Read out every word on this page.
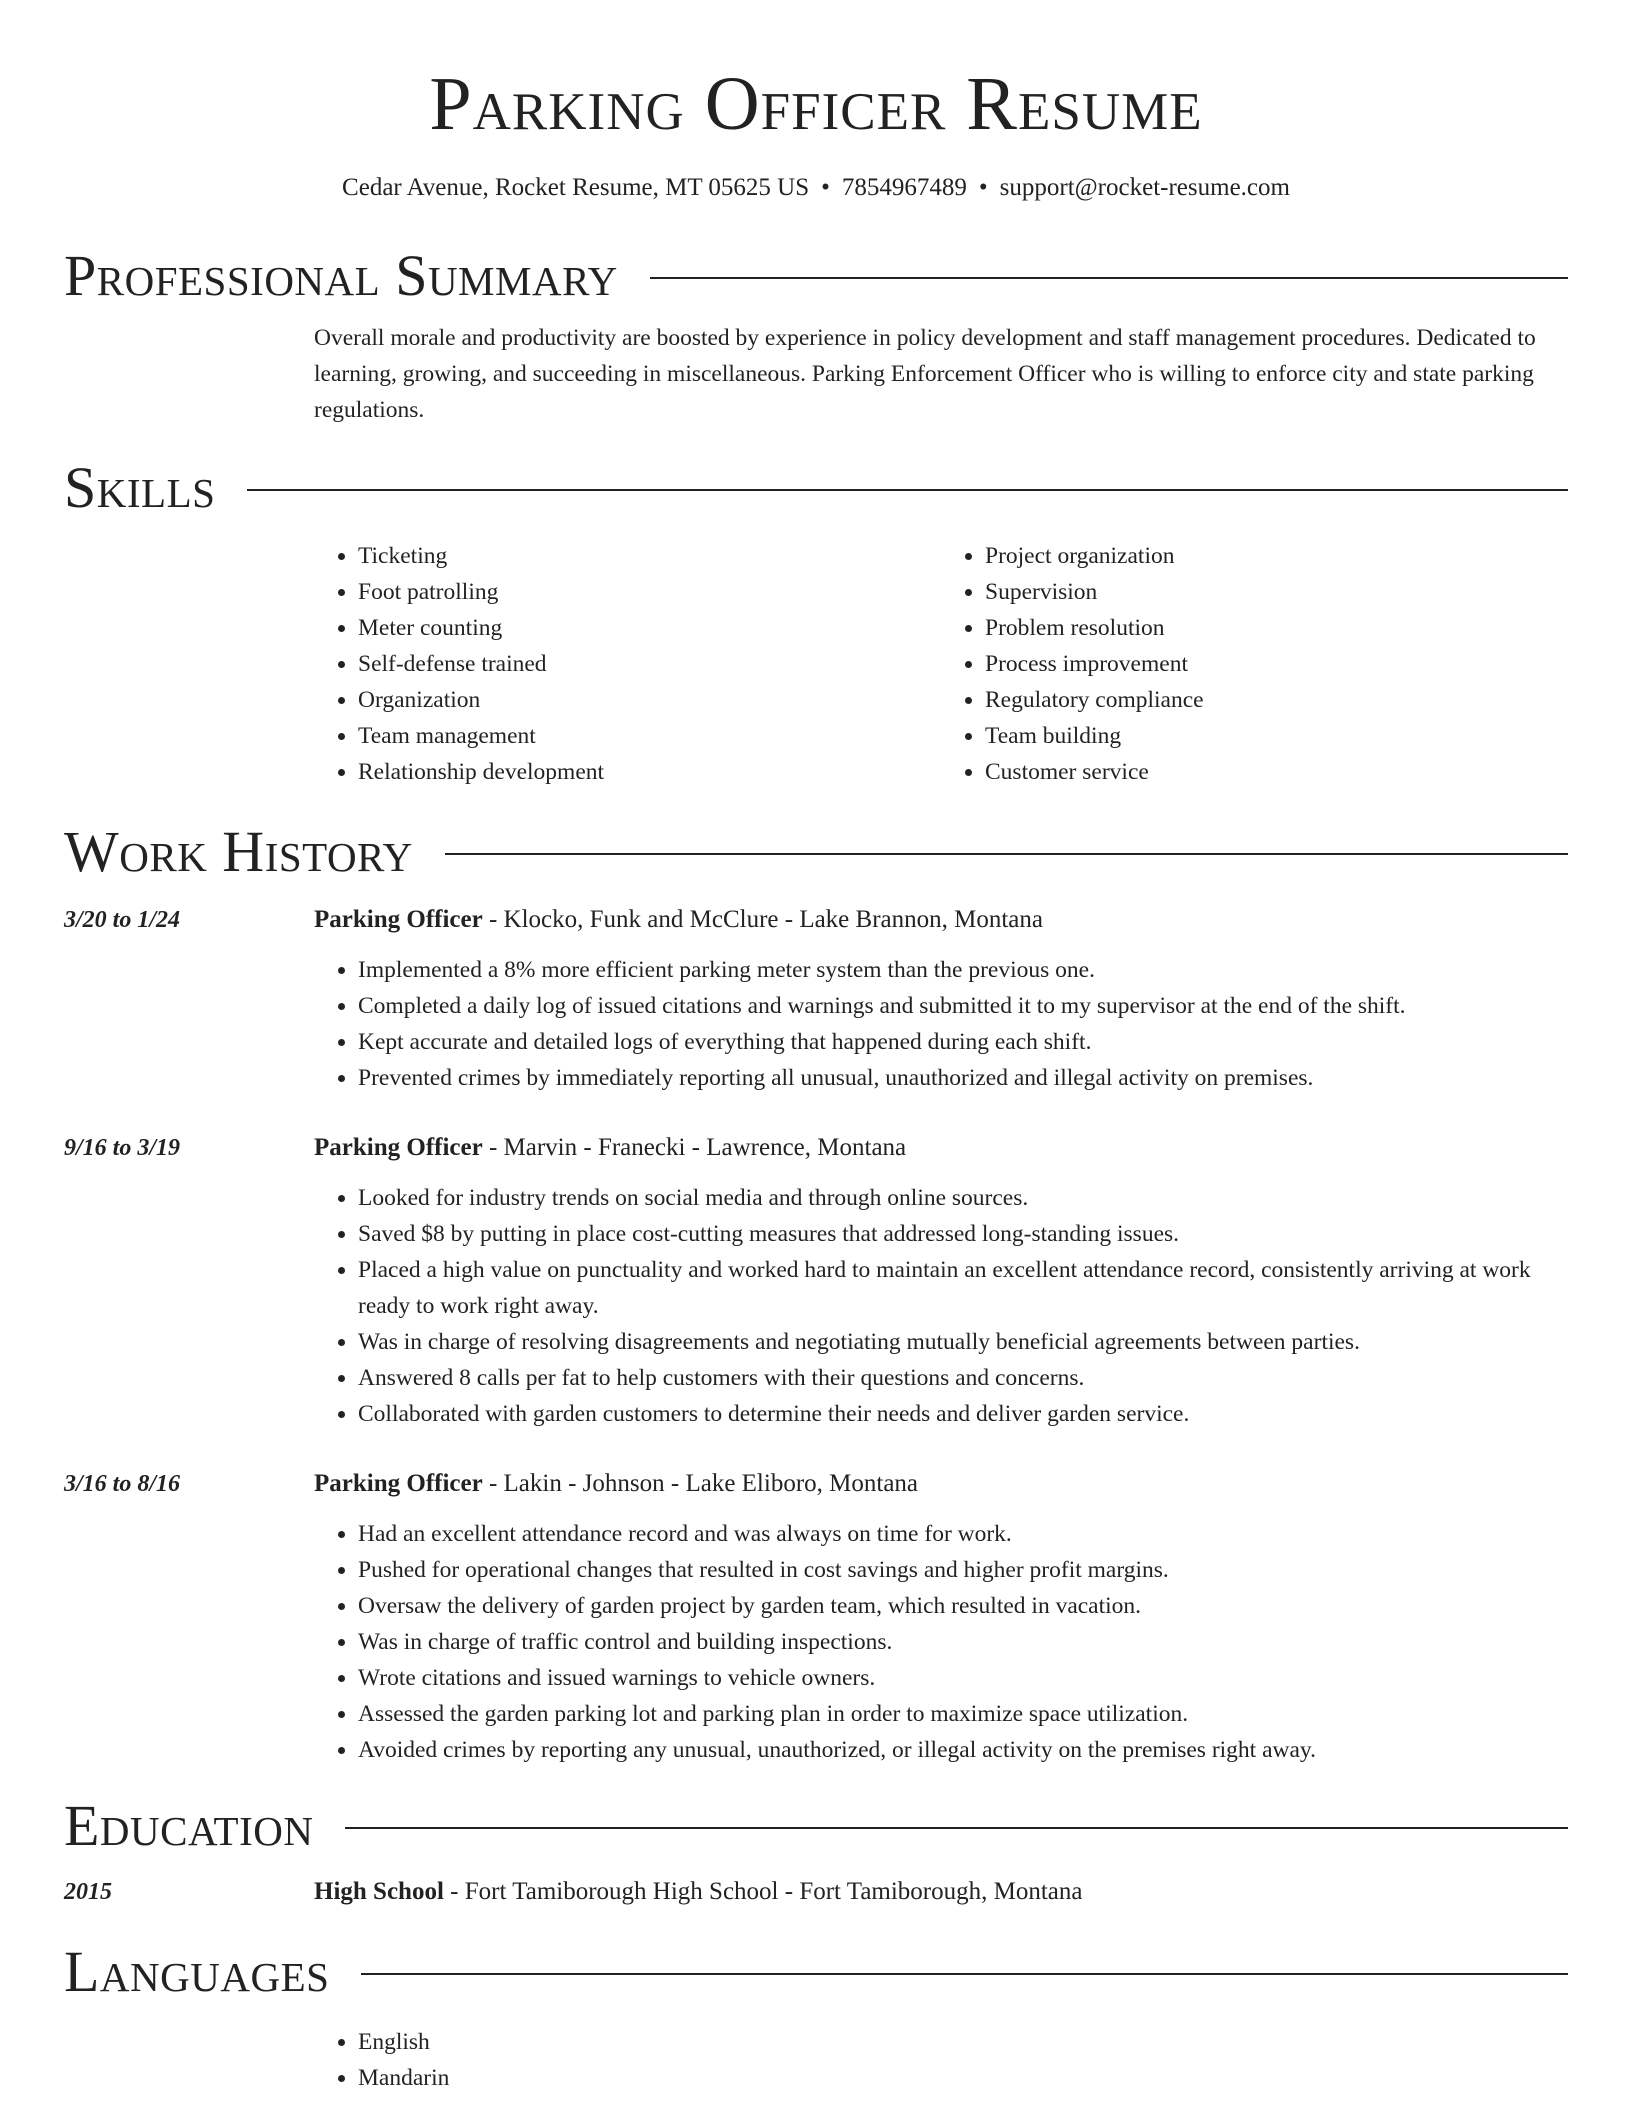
Parking Officer Resume
Cedar Avenue, Rocket Resume, MT 05625 US • 7854967489 • support@rocket-resume.com
Professional Summary
Overall morale and productivity are boosted by experience in policy development and staff management procedures. Dedicated to learning, growing, and succeeding in miscellaneous. Parking Enforcement Officer who is willing to enforce city and state parking regulations.
Skills
• Ticketing
• Foot patrolling
• Meter counting
• Self-defense trained
• Organization
• Team management
• Relationship development
• Project organization
• Supervision
• Problem resolution
• Process improvement
• Regulatory compliance
• Team building
• Customer service
Work History
3/20 to 1/24	Parking Officer - Klocko, Funk and McClure - Lake Brannon, Montana
• Implemented a 8% more efficient parking meter system than the previous one.
• Completed a daily log of issued citations and warnings and submitted it to my supervisor at the end of the shift.
• Kept accurate and detailed logs of everything that happened during each shift.
• Prevented crimes by immediately reporting all unusual, unauthorized and illegal activity on premises.
9/16 to 3/19	Parking Officer - Marvin - Franecki - Lawrence, Montana
• Looked for industry trends on social media and through online sources.
• Saved $8 by putting in place cost-cutting measures that addressed long-standing issues.
• Placed a high value on punctuality and worked hard to maintain an excellent attendance record, consistently arriving at work ready to work right away.
• Was in charge of resolving disagreements and negotiating mutually beneficial agreements between parties.
• Answered 8 calls per fat to help customers with their questions and concerns.
• Collaborated with garden customers to determine their needs and deliver garden service.
3/16 to 8/16	Parking Officer - Lakin - Johnson - Lake Eliboro, Montana
• Had an excellent attendance record and was always on time for work.
• Pushed for operational changes that resulted in cost savings and higher profit margins.
• Oversaw the delivery of garden project by garden team, which resulted in vacation.
• Was in charge of traffic control and building inspections.
• Wrote citations and issued warnings to vehicle owners.
• Assessed the garden parking lot and parking plan in order to maximize space utilization.
• Avoided crimes by reporting any unusual, unauthorized, or illegal activity on the premises right away.
Education
2015	High School - Fort Tamiborough High School - Fort Tamiborough, Montana
Languages
• English
• Mandarin
